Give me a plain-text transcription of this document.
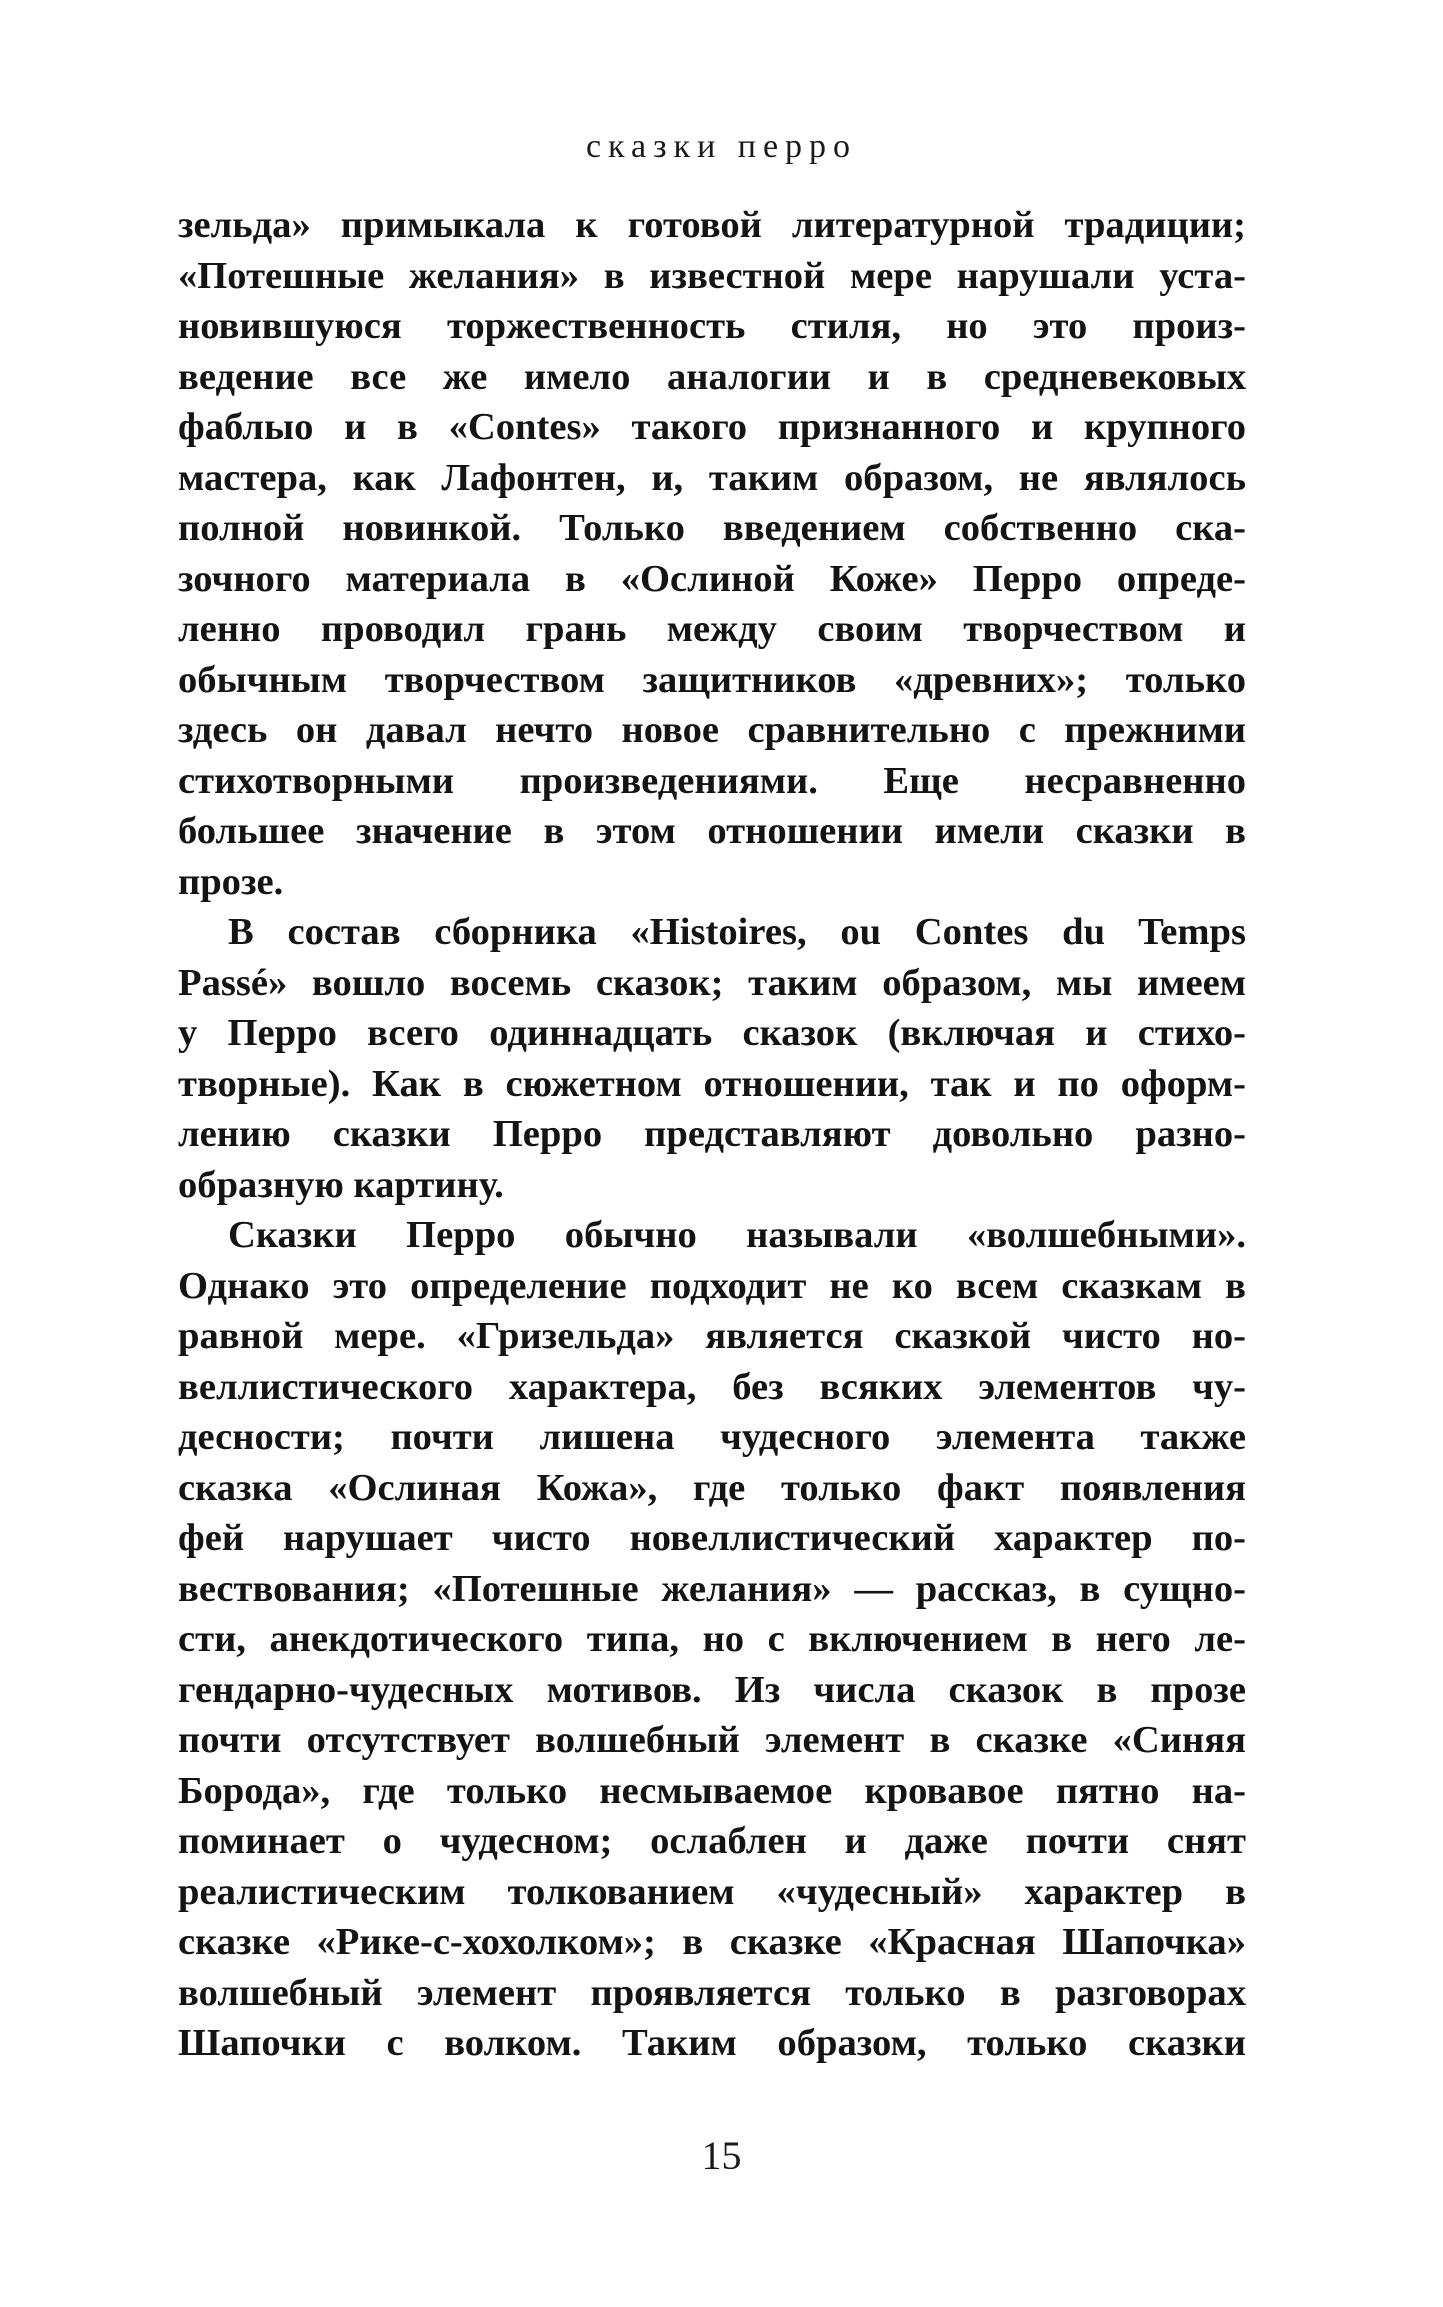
сказки перро
зельда» примыкала к готовой литературной традиции;
«Потешные желания» в известной мере нарушали уста-
новившуюся торжественность стиля, но это произ-
ведение все же имело аналогии и в средневековых
фаблыо и в «Contes» такого признанного и крупного
мастера, как Лафонтен, и, таким образом, не являлось
полной новинкой. Только введением собственно ска-
зочного материала в «Ослиной Коже» Перро опреде-
ленно проводил грань между своим творчеством и
обычным творчеством защитников «древних»; только
здесь он давал нечто новое сравнительно с прежними
стихотворными произведениями. Еще несравненно
большее значение в этом отношении имели сказки в
прозе.
В состав сборника «Histoires, ou Contes du Temps
Passé» вошло восемь сказок; таким образом, мы имеем
у Перро всего одиннадцать сказок (включая и стихо-
творные). Как в сюжетном отношении, так и по оформ-
лению сказки Перро представляют довольно разно-
образную картину.
Сказки Перро обычно называли «волшебными».
Однако это определение подходит не ко всем сказкам в
равной мере. «Гризельда» является сказкой чисто но-
веллистического характера, без всяких элементов чу-
десности; почти лишена чудесного элемента также
сказка «Ослиная Кожа», где только факт появления
фей нарушает чисто новеллистический характер по-
вествования; «Потешные желания» — рассказ, в сущно-
сти, анекдотического типа, но с включением в него ле-
гендарно-чудесных мотивов. Из числа сказок в прозе
почти отсутствует волшебный элемент в сказке «Синяя
Борода», где только несмываемое кровавое пятно на-
поминает о чудесном; ослаблен и даже почти снят
реалистическим толкованием «чудесный» характер в
сказке «Рике-с-хохолком»; в сказке «Красная Шапочка»
волшебный элемент проявляется только в разговорах
Шапочки с волком. Таким образом, только сказки
15
